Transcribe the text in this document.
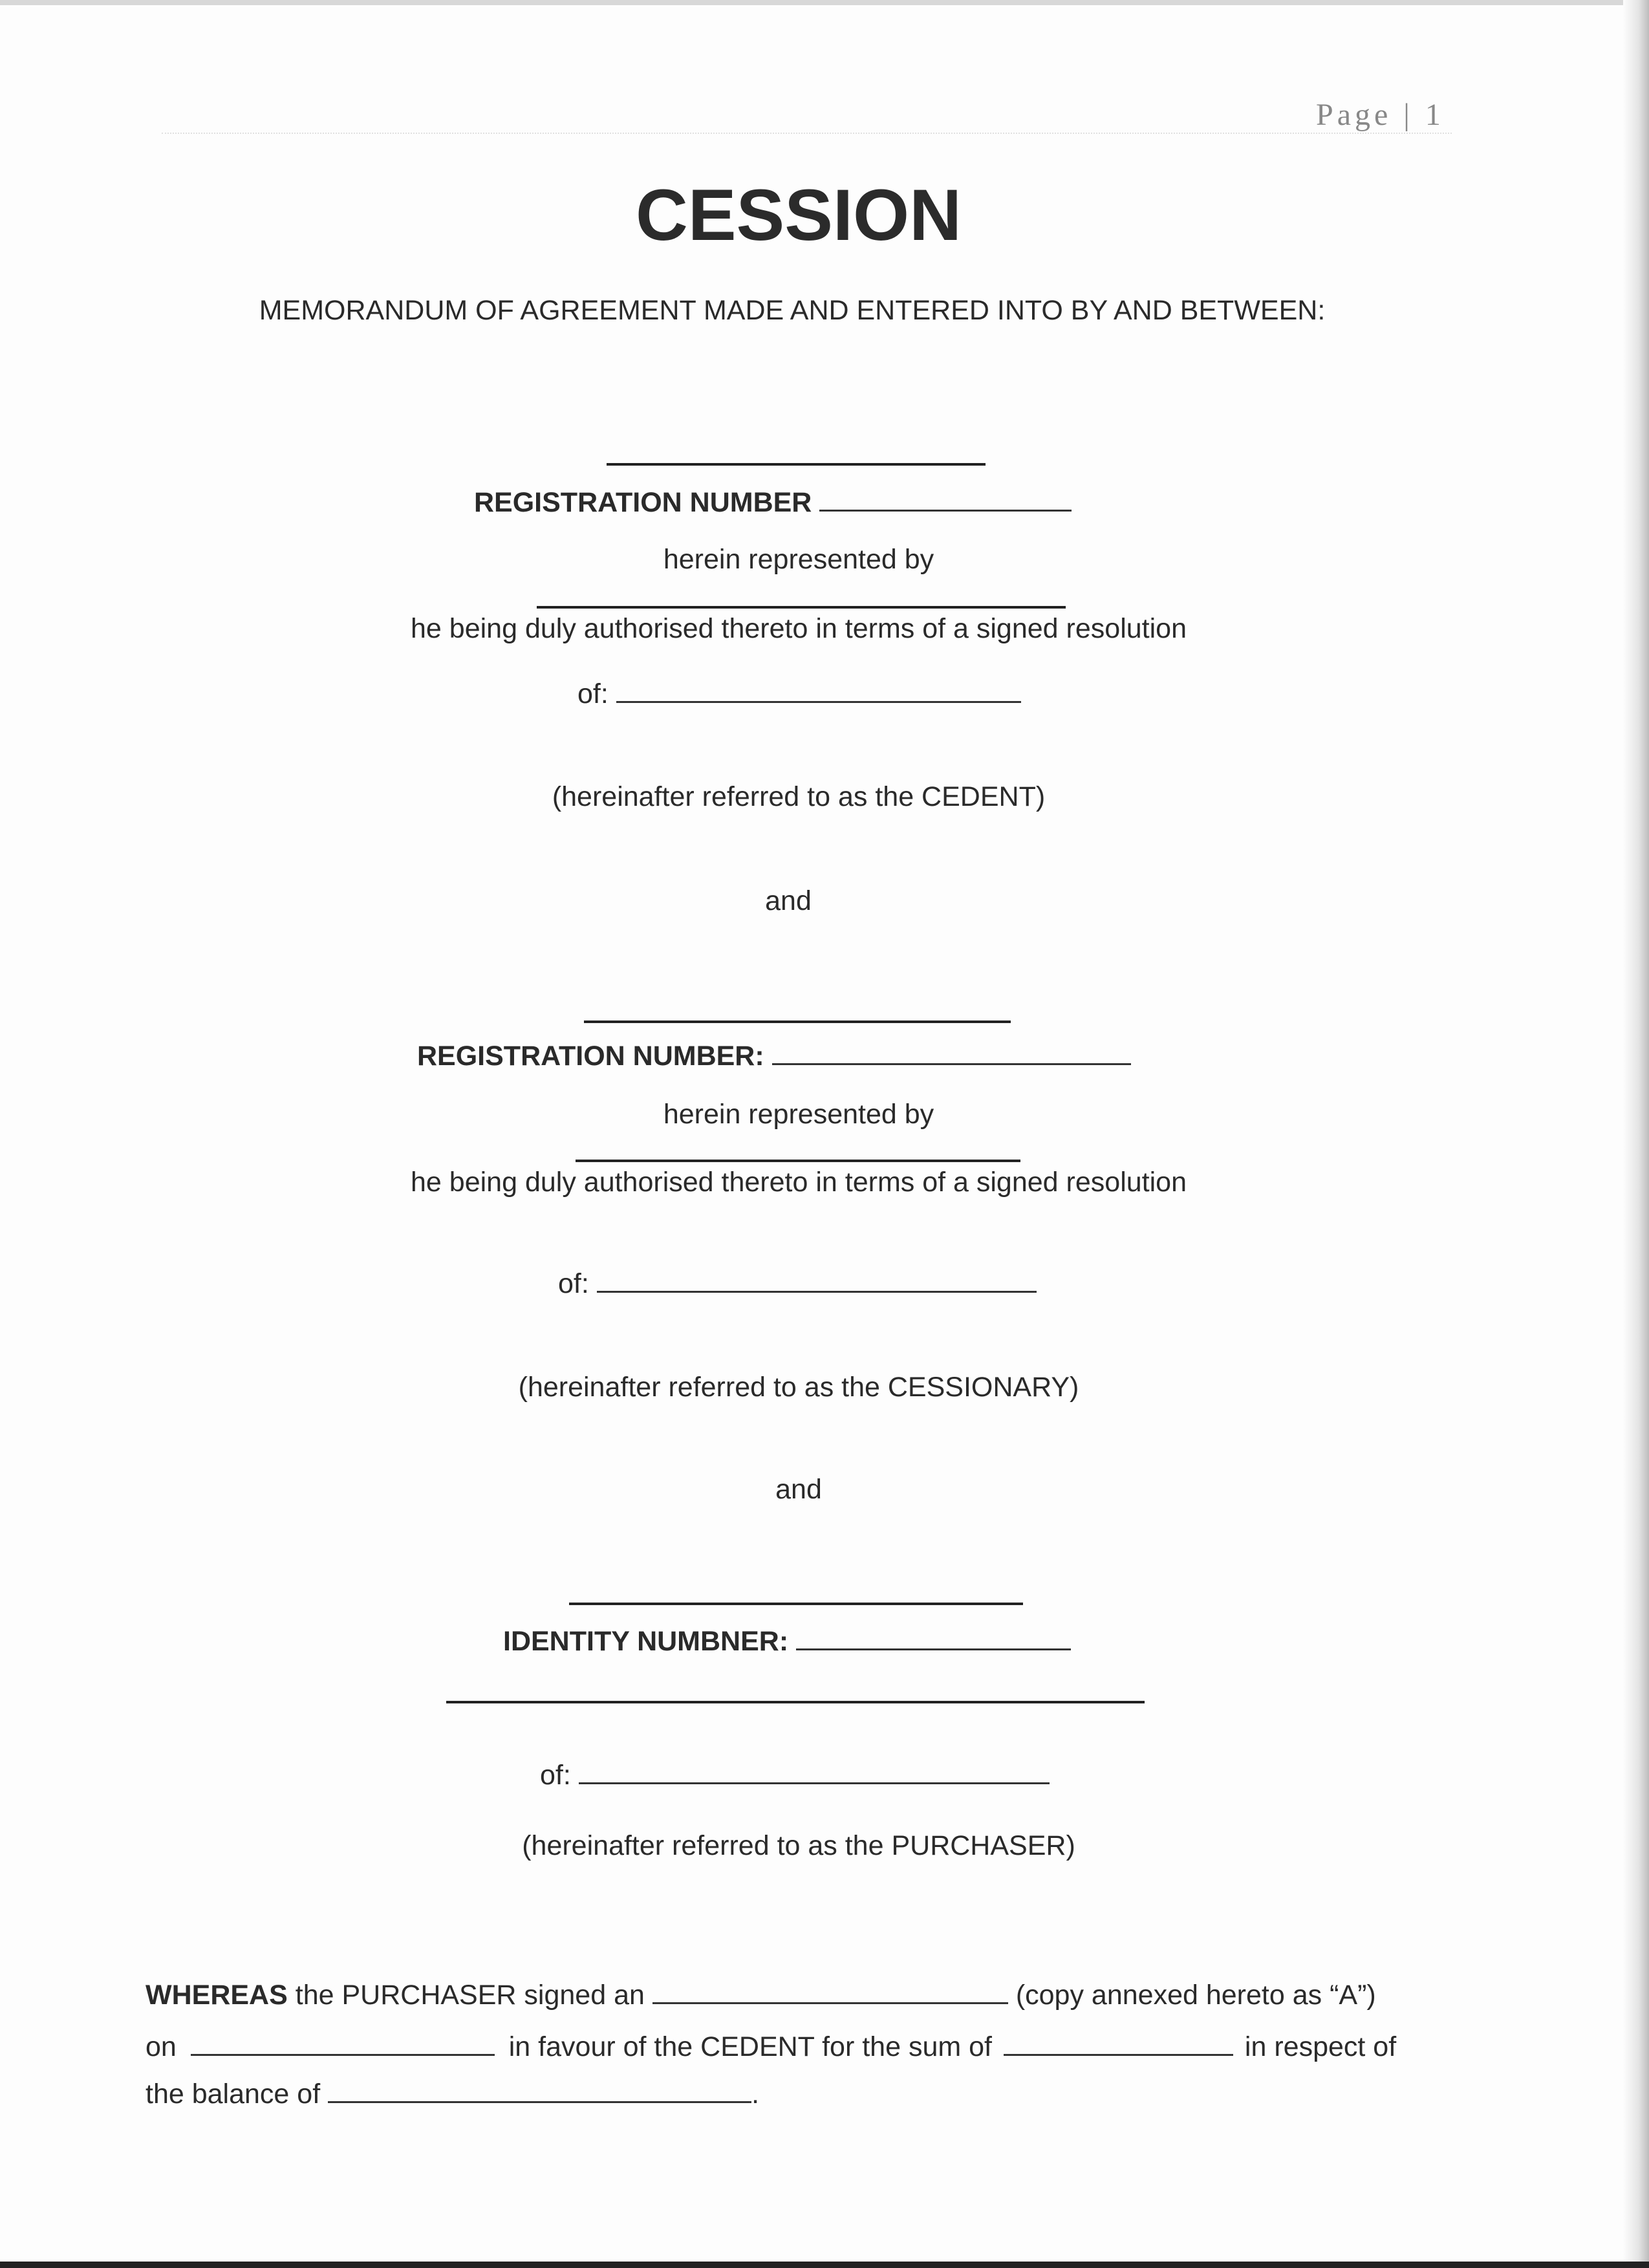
Page | 1
CESSION
MEMORANDUM OF AGREEMENT MADE AND ENTERED INTO BY AND BETWEEN:
REGISTRATION NUMBER
herein represented by
he being duly authorised thereto in terms of a signed resolution
of:
(hereinafter referred to as the CEDENT)
and
REGISTRATION NUMBER:
herein represented by
he being duly authorised thereto in terms of a signed resolution
of:
(hereinafter referred to as the CESSIONARY)
and
IDENTITY NUMBNER:
of:
(hereinafter referred to as the PURCHASER)
WHEREAS the PURCHASER signed an	(copy annexed hereto as “A”)
on	in favour of the CEDENT for the sum of	in respect of
the balance of	.
